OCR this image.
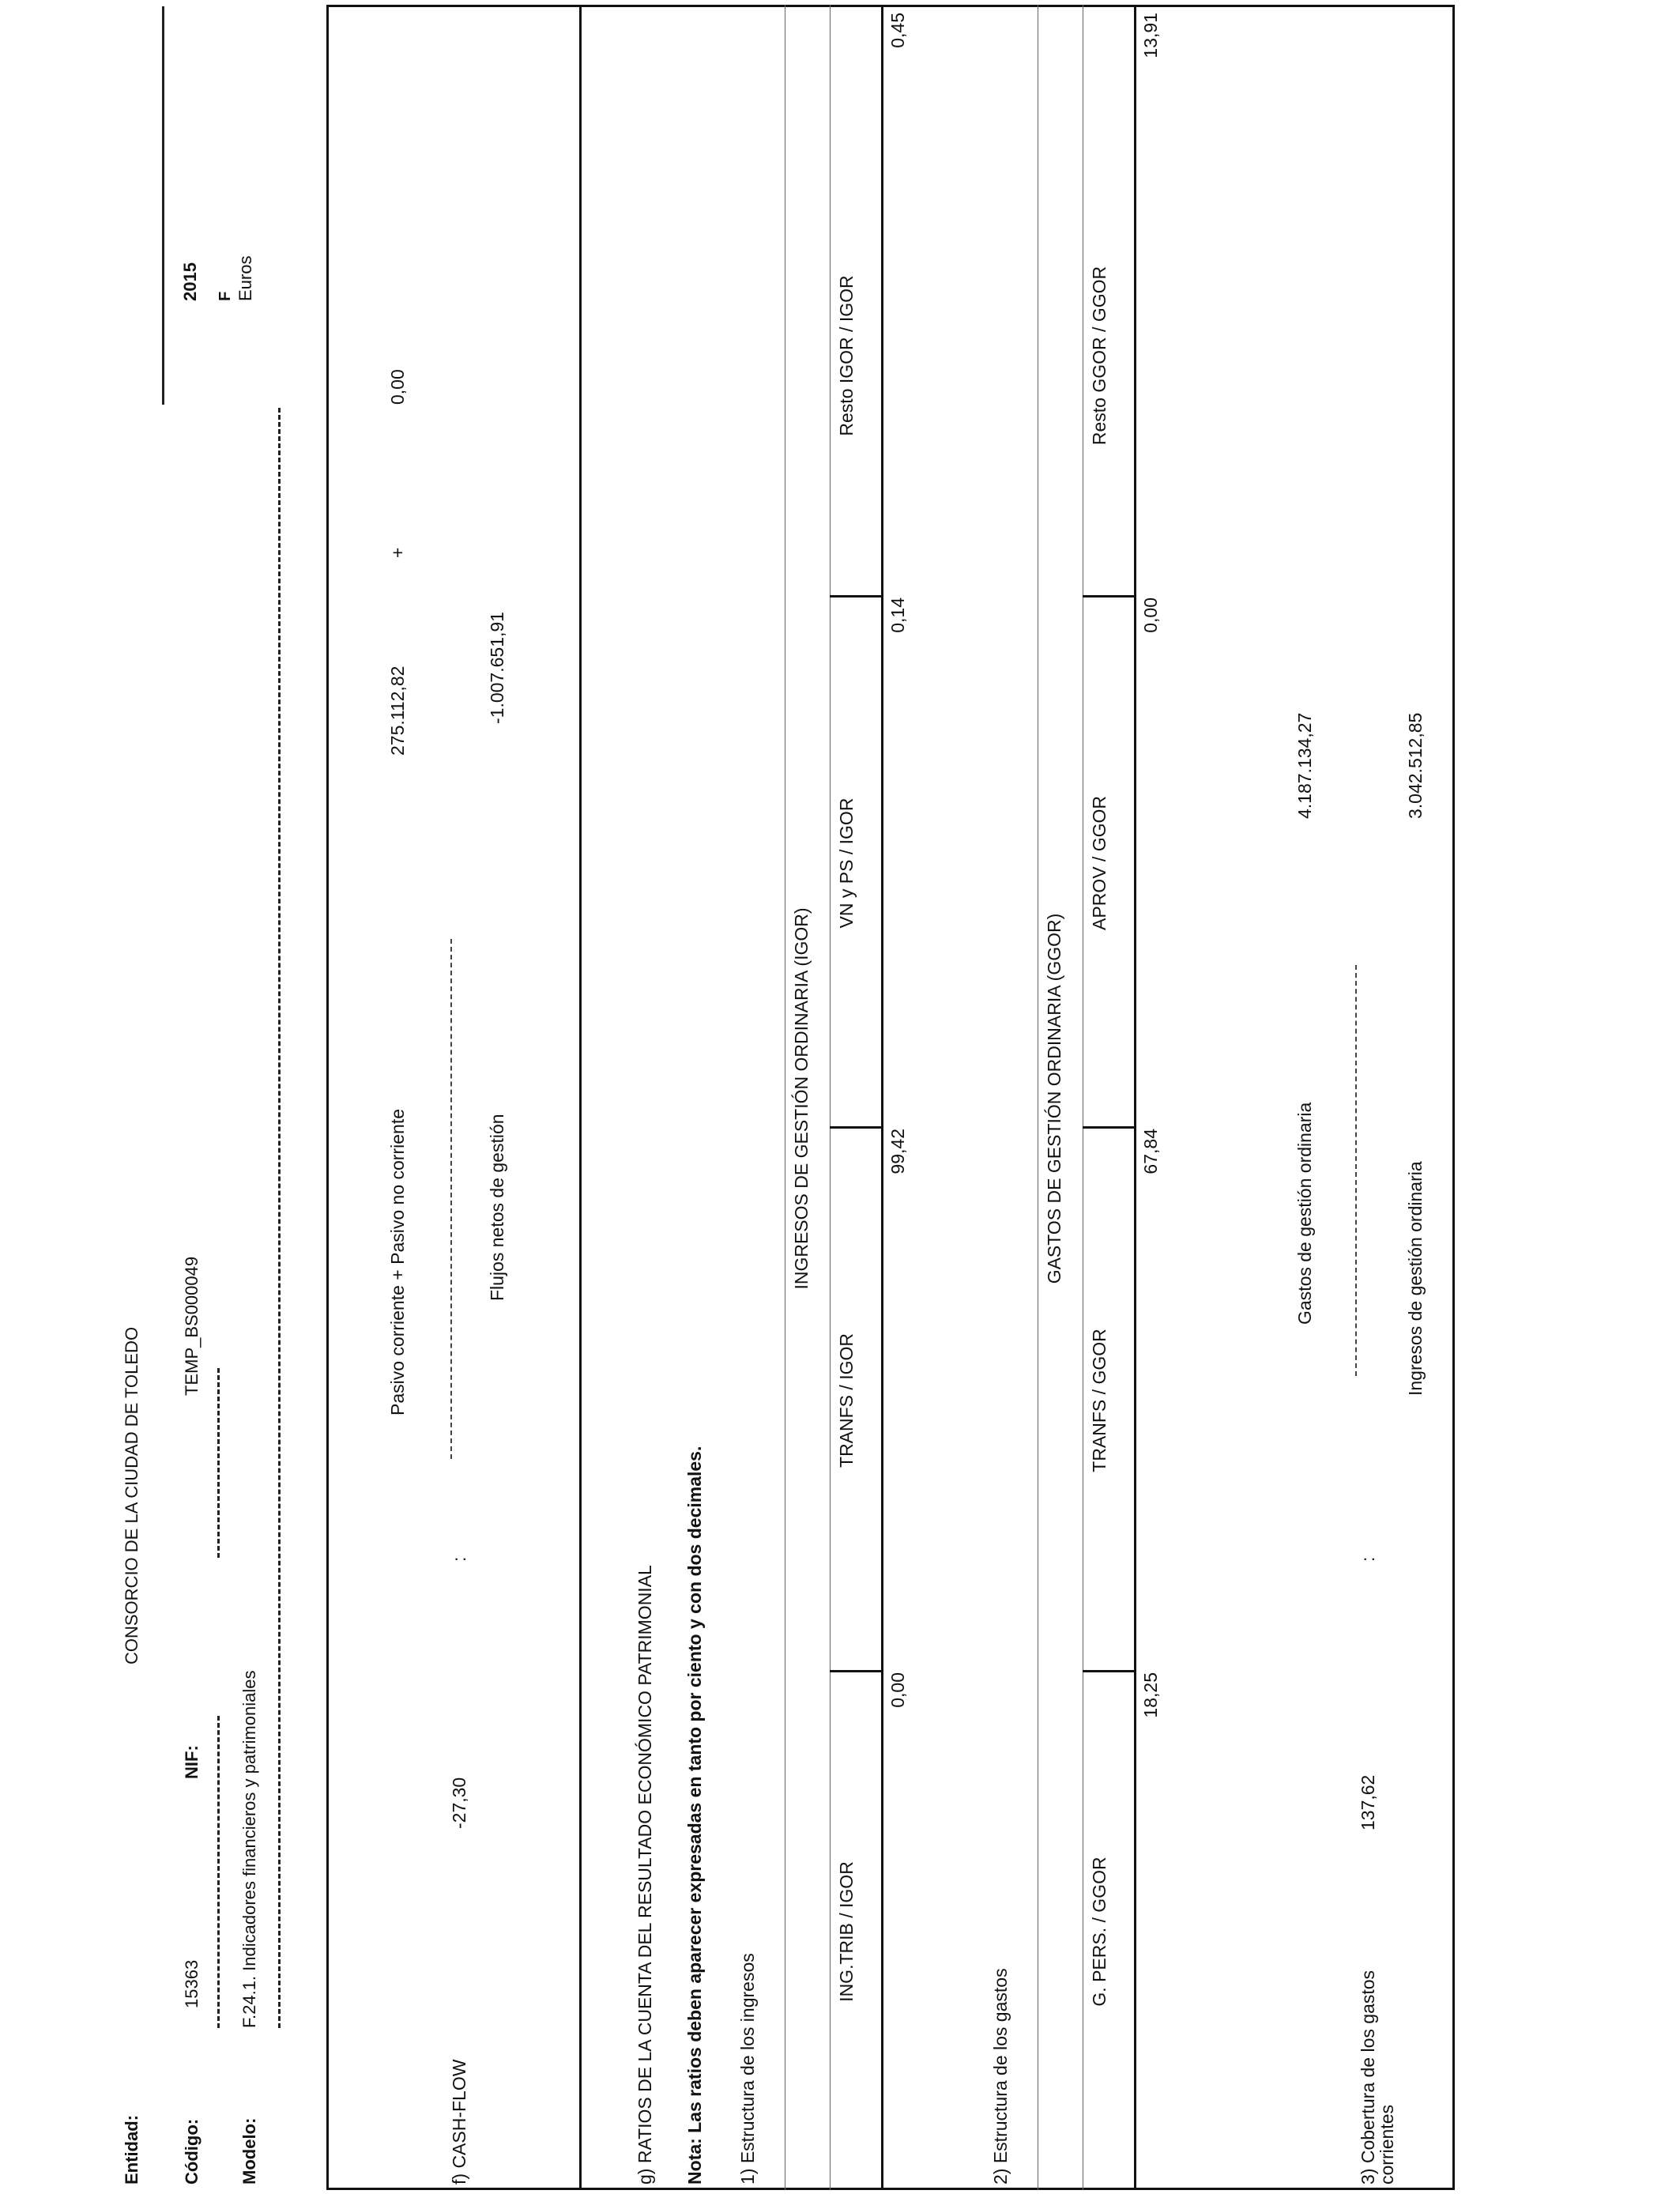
Entidad:
CONSORCIO DE LA CIUDAD DE TOLEDO
Código:
15363
NIF:
TEMP_BS000049
Modelo:
F.24.1. Indicadores financieros y patrimoniales
2015 F Euros
f) CASH-FLOW
-27,30
:
Pasivo corriente + Pasivo no corriente
275.112,82
+
0,00
Flujos netos de gestión
-1.007.651,91
g) RATIOS DE LA CUENTA DEL RESULTADO ECONÓMICO PATRIMONIAL Nota: Las ratios deben aparecer expresadas en tanto por ciento y con dos decimales. 1) Estructura de los ingresos
INGRESOS DE GESTIÓN ORDINARIA (IGOR)
ING.TRIB / IGOR
TRANFS / IGOR
VN y PS / IGOR
Resto IGOR / IGOR
0,00
99,42
0,14
0,45
2) Estructura de los gastos
GASTOS DE GESTIÓN ORDINARIA (GGOR)
G. PERS. / GGOR
TRANFS / GGOR
APROV / GGOR
Resto GGOR / GGOR
18,25
67,84
0,00
13,91
3) Cobertura de los gastos
corrientes
137,62
:
Gastos de gestión ordinaria
4.187.134,27
Ingresos de gestión ordinaria
3.042.512,85
